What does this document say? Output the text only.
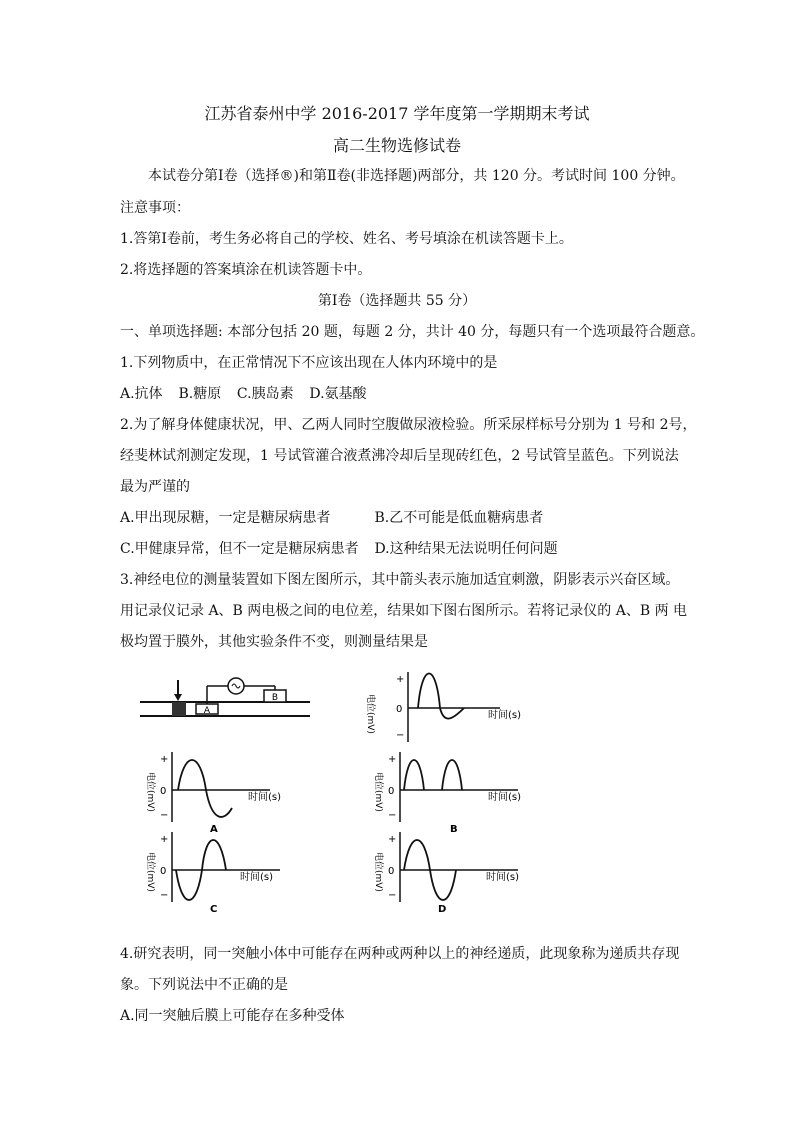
江苏省泰州中学 2016-2017 学年度第一学期期末考试
高二生物选修试卷
本试卷分第Ⅰ卷（选择®)和第Ⅱ卷(非选择题)两部分，共 120 分。考试时间 100 分钟。
注意事项：
1.答第Ⅰ卷前，考生务必将自己的学校、姓名、考号填涂在机读答题卡上。
2.将选择题的答案填涂在机读答题卡中。
第Ⅰ卷（选择题共 55 分）
一、单项选择题: 本部分包括 20 题，每题 2 分，共计 40 分，每题只有一个选项最符合题意。
1.下列物质中，在正常情况下不应该出现在人体内环境中的是
A.抗体 B.糖原 C.胰岛素 D.氨基酸
2.为了解身体健康状况，甲、乙两人同时空腹做尿液检验。所采尿样标号分别为 1 号和 2号，
经斐林试剂测定发现，1 号试管灌合液煮沸冷却后呈现砖红色，2 号试管呈蓝色。下列说法
最为严谨的
A.甲出现尿糖，一定是糖尿病患者	B.乙不可能是低血糖病患者
C.甲健康异常，但不一定是糖尿病患者 D.这种结果无法说明任何问题
3.神经电位的测量装置如下图左图所示，其中箭头表示施加适宜刺激，阴影表示兴奋区域。
用记录仪记录 A、B 两电极之间的电位差，结果如下图右图所示。若将记录仪的 A、B 两 电
极均置于膜外，其他实验条件不变，则测量结果是
A
B	电位(mV)
+
0
−
时间(s)
电位(mV)
+
0
−
时间(s)
A
电位(mV)
+
0
−
时间(s)
B
电位(mV)
+
0
−
时间(s)
C
电位(mV)
+
0
−
时间(s)
D
4.研究表明，同一突触小体中可能存在两种或两种以上的神经递质，此现象称为递质共存现
象。下列说法中不正确的是
A.同一突触后膜上可能存在多种受体
